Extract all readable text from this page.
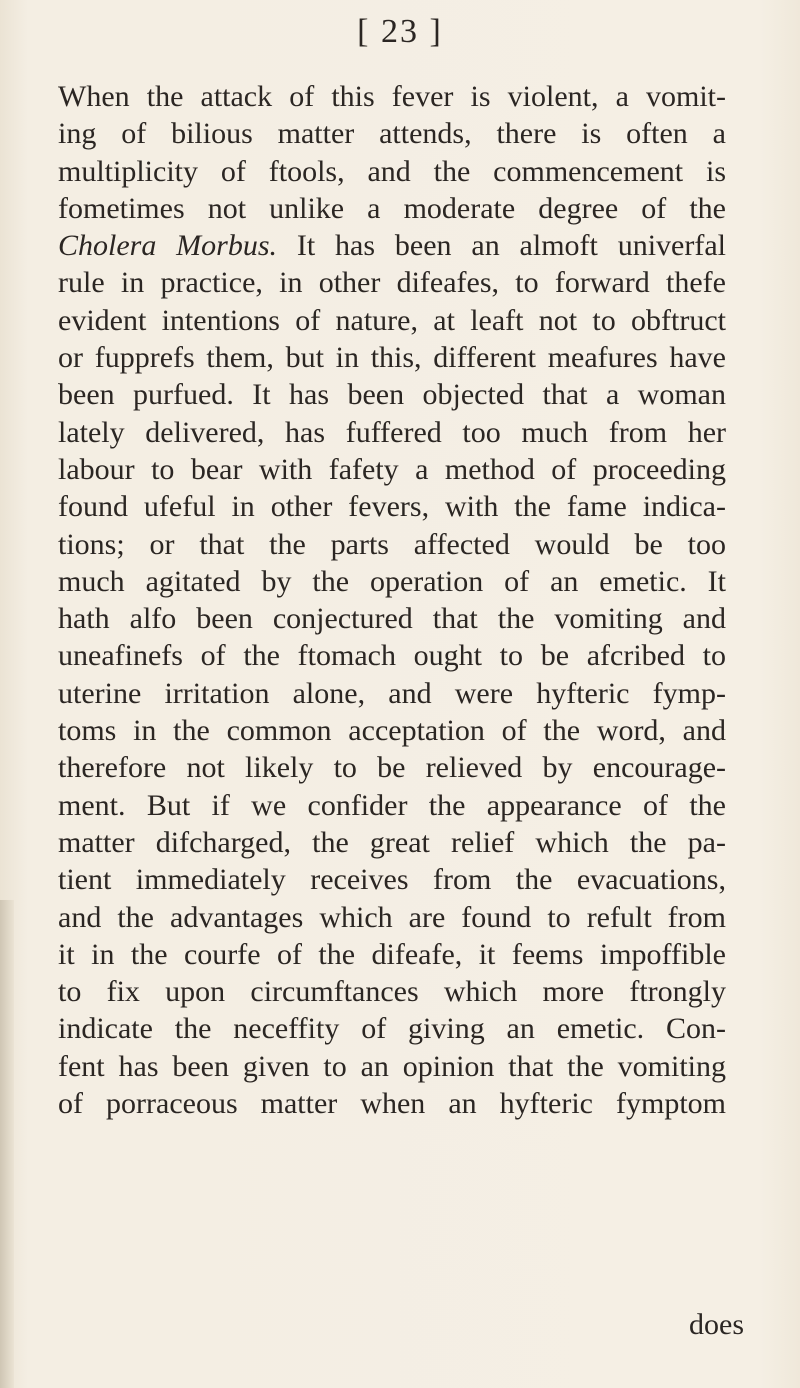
[ 23 ]
When the attack of this fever is violent, a vomit-
ing of bilious matter attends, there is often a
multiplicity of ftools, and the commencement is
fometimes not unlike a moderate degree of the
Cholera Morbus. It has been an almoft univerfal
rule in practice, in other difeafes, to forward thefe
evident intentions of nature, at leaft not to obftruct
or fupprefs them, but in this, different meafures have
been purfued. It has been objected that a woman
lately delivered, has fuffered too much from her
labour to bear with fafety a method of proceeding
found ufeful in other fevers, with the fame indica-
tions; or that the parts affected would be too
much agitated by the operation of an emetic. It
hath alfo been conjectured that the vomiting and
uneafinefs of the ftomach ought to be afcribed to
uterine irritation alone, and were hyfteric fymp-
toms in the common acceptation of the word, and
therefore not likely to be relieved by encourage-
ment. But if we confider the appearance of the
matter difcharged, the great relief which the pa-
tient immediately receives from the evacuations,
and the advantages which are found to refult from
it in the courfe of the difeafe, it feems impoffible
to fix upon circumftances which more ftrongly
indicate the neceffity of giving an emetic. Con-
fent has been given to an opinion that the vomiting
of porraceous matter when an hyfteric fymptom
does
